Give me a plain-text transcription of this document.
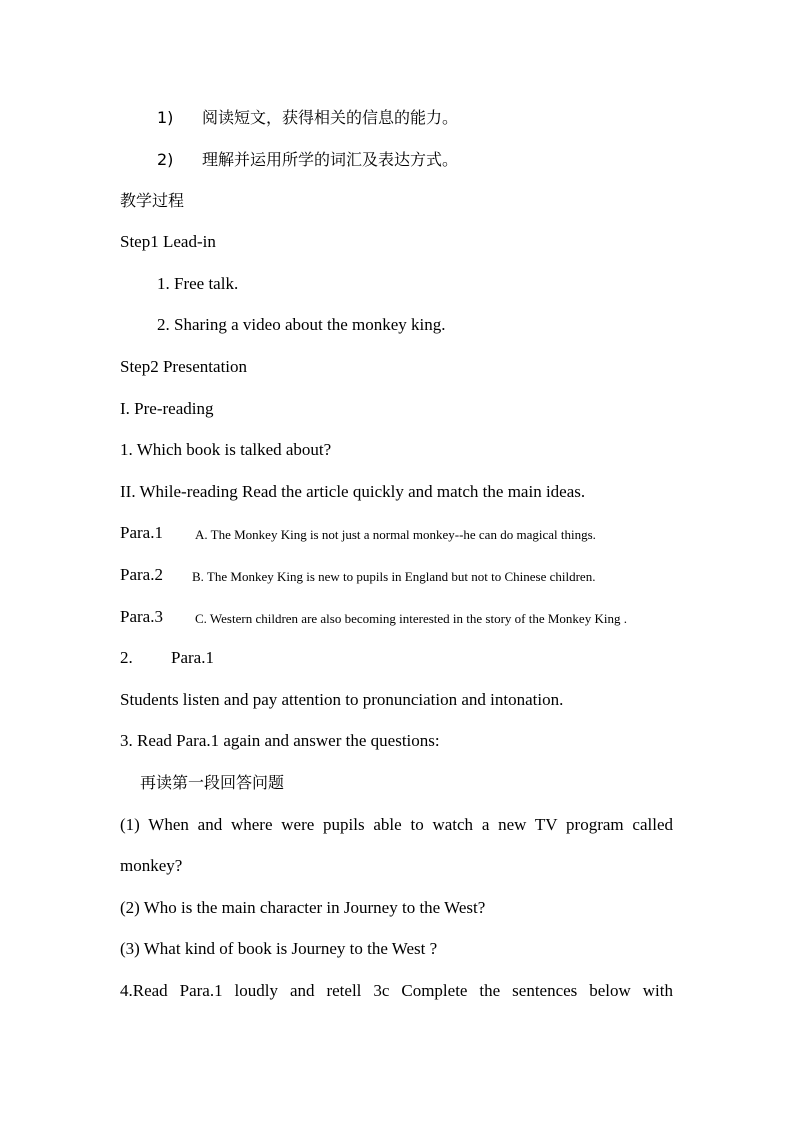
1) 阅读短文，获得相关的信息的能力。
2) 理解并运用所学的词汇及表达方式。
教学过程
Step1 Lead-in
1. Free talk.
2. Sharing a video about the monkey king.
Step2 Presentation
I. Pre-reading
1. Which book is talked about?
II. While-reading Read the article quickly and match the main ideas.
Para.1 A. The Monkey King is not just a normal monkey--he can do magical things.
Para.2 B. The Monkey King is new to pupils in England but not to Chinese children.
Para.3 C. Western children are also becoming interested in the story of the Monkey King .
2. Para.1
Students listen and pay attention to pronunciation and intonation.
3. Read Para.1 again and answer the questions:
再读第一段回答问题
(1) When and where were pupils able to watch a new TV program called
monkey?
(2) Who is the main character in Journey to the West?
(3) What kind of book is Journey to the West ?
4.Read Para.1 loudly and retell 3c Complete the sentences below with
